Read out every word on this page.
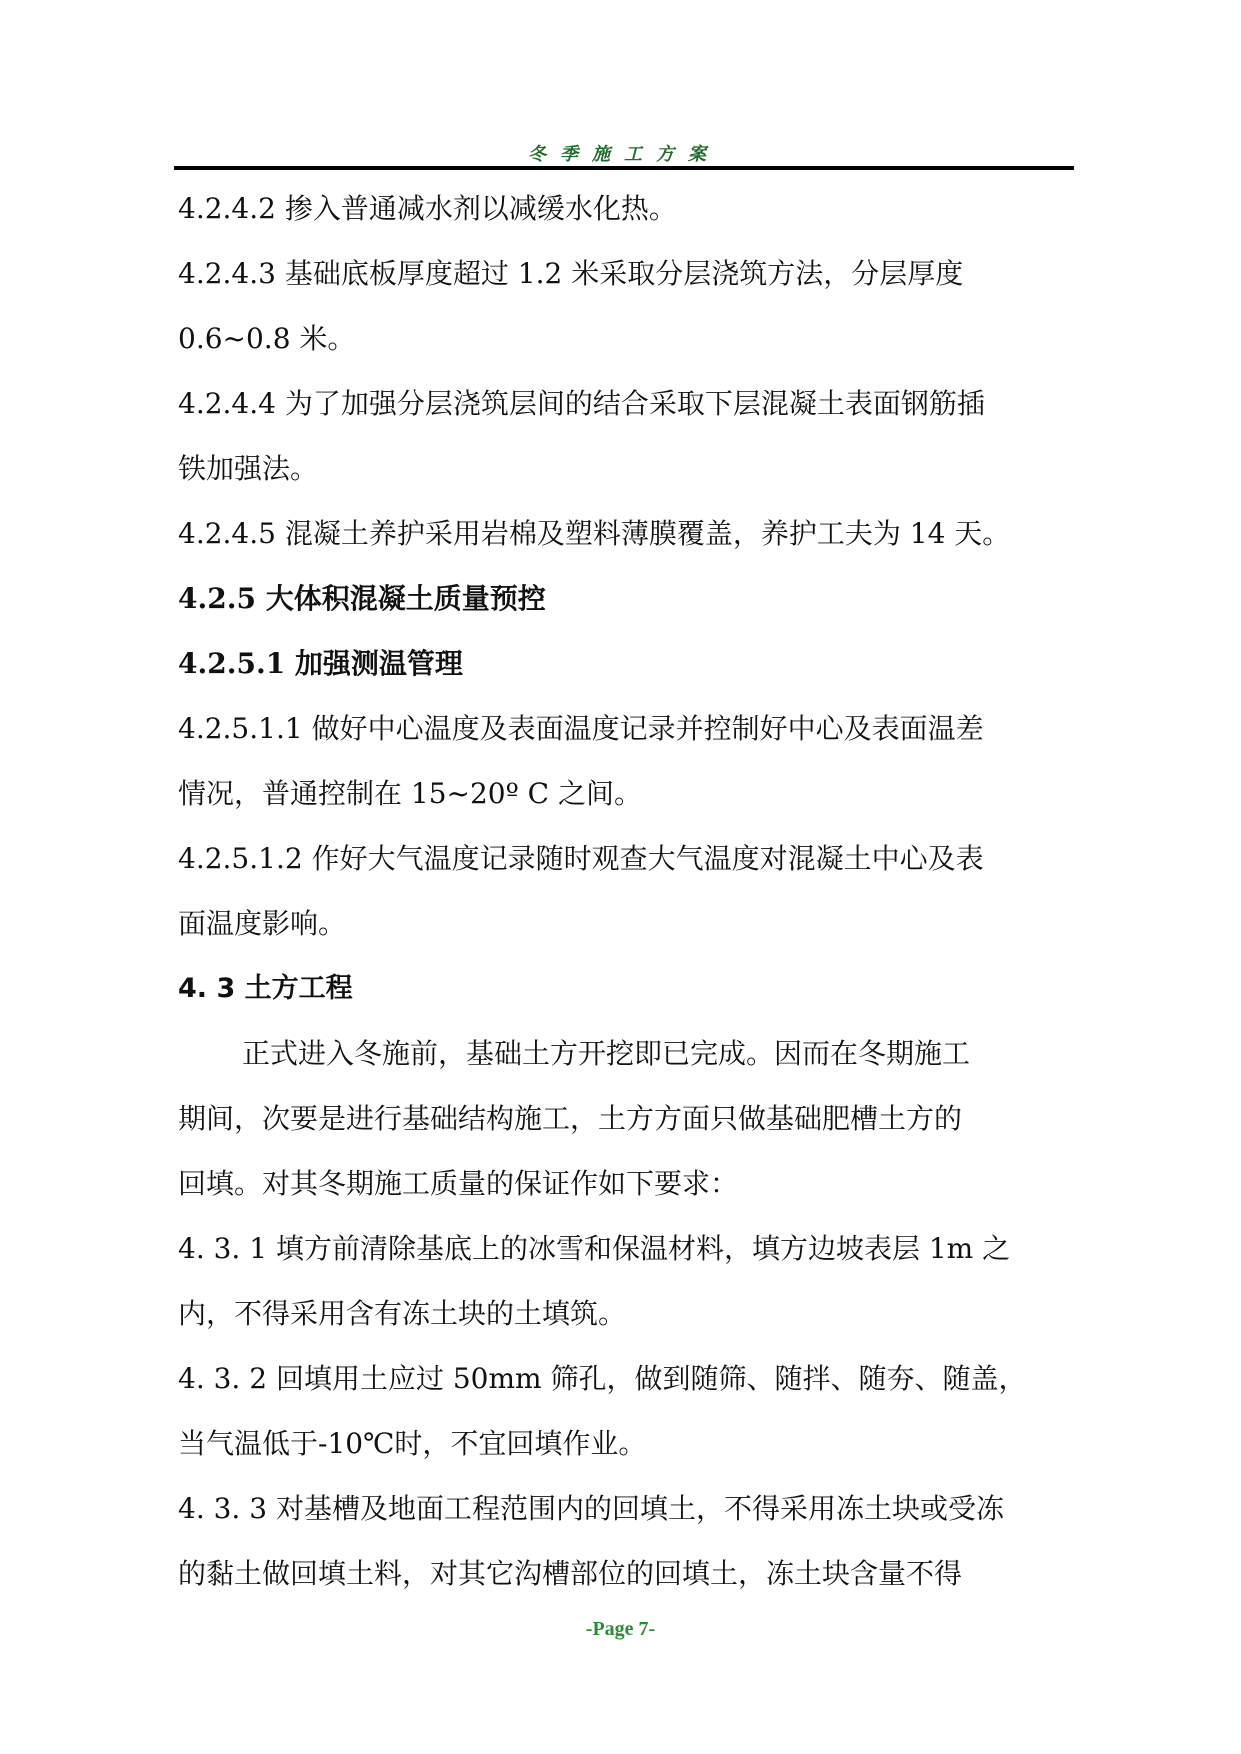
冬季施工方案
4.2.4.2 掺入普通减水剂以减缓水化热。
4.2.4.3 基础底板厚度超过 1.2 米采取分层浇筑方法，分层厚度
0.6~0.8 米。
4.2.4.4 为了加强分层浇筑层间的结合采取下层混凝土表面钢筋插
铁加强法。
4.2.4.5 混凝土养护采用岩棉及塑料薄膜覆盖，养护工夫为 14 天。
4.2.5 大体积混凝土质量预控
4.2.5.1 加强测温管理
4.2.5.1.1 做好中心温度及表面温度记录并控制好中心及表面温差
情况，普通控制在 15~20º C 之间。
4.2.5.1.2 作好大气温度记录随时观查大气温度对混凝土中心及表
面温度影响。
4. 3 土方工程
正式进入冬施前，基础土方开挖即已完成。因而在冬期施工
期间，次要是进行基础结构施工，土方方面只做基础肥槽土方的
回填。对其冬期施工质量的保证作如下要求：
4. 3. 1 填方前清除基底上的冰雪和保温材料，填方边坡表层 1m 之
内，不得采用含有冻土块的土填筑。
4. 3. 2 回填用土应过 50mm 筛孔，做到随筛、随拌、随夯、随盖，
当气温低于-10℃时，不宜回填作业。
4. 3. 3 对基槽及地面工程范围内的回填土，不得采用冻土块或受冻
的黏土做回填土料，对其它沟槽部位的回填土，冻土块含量不得
-Page 7-
